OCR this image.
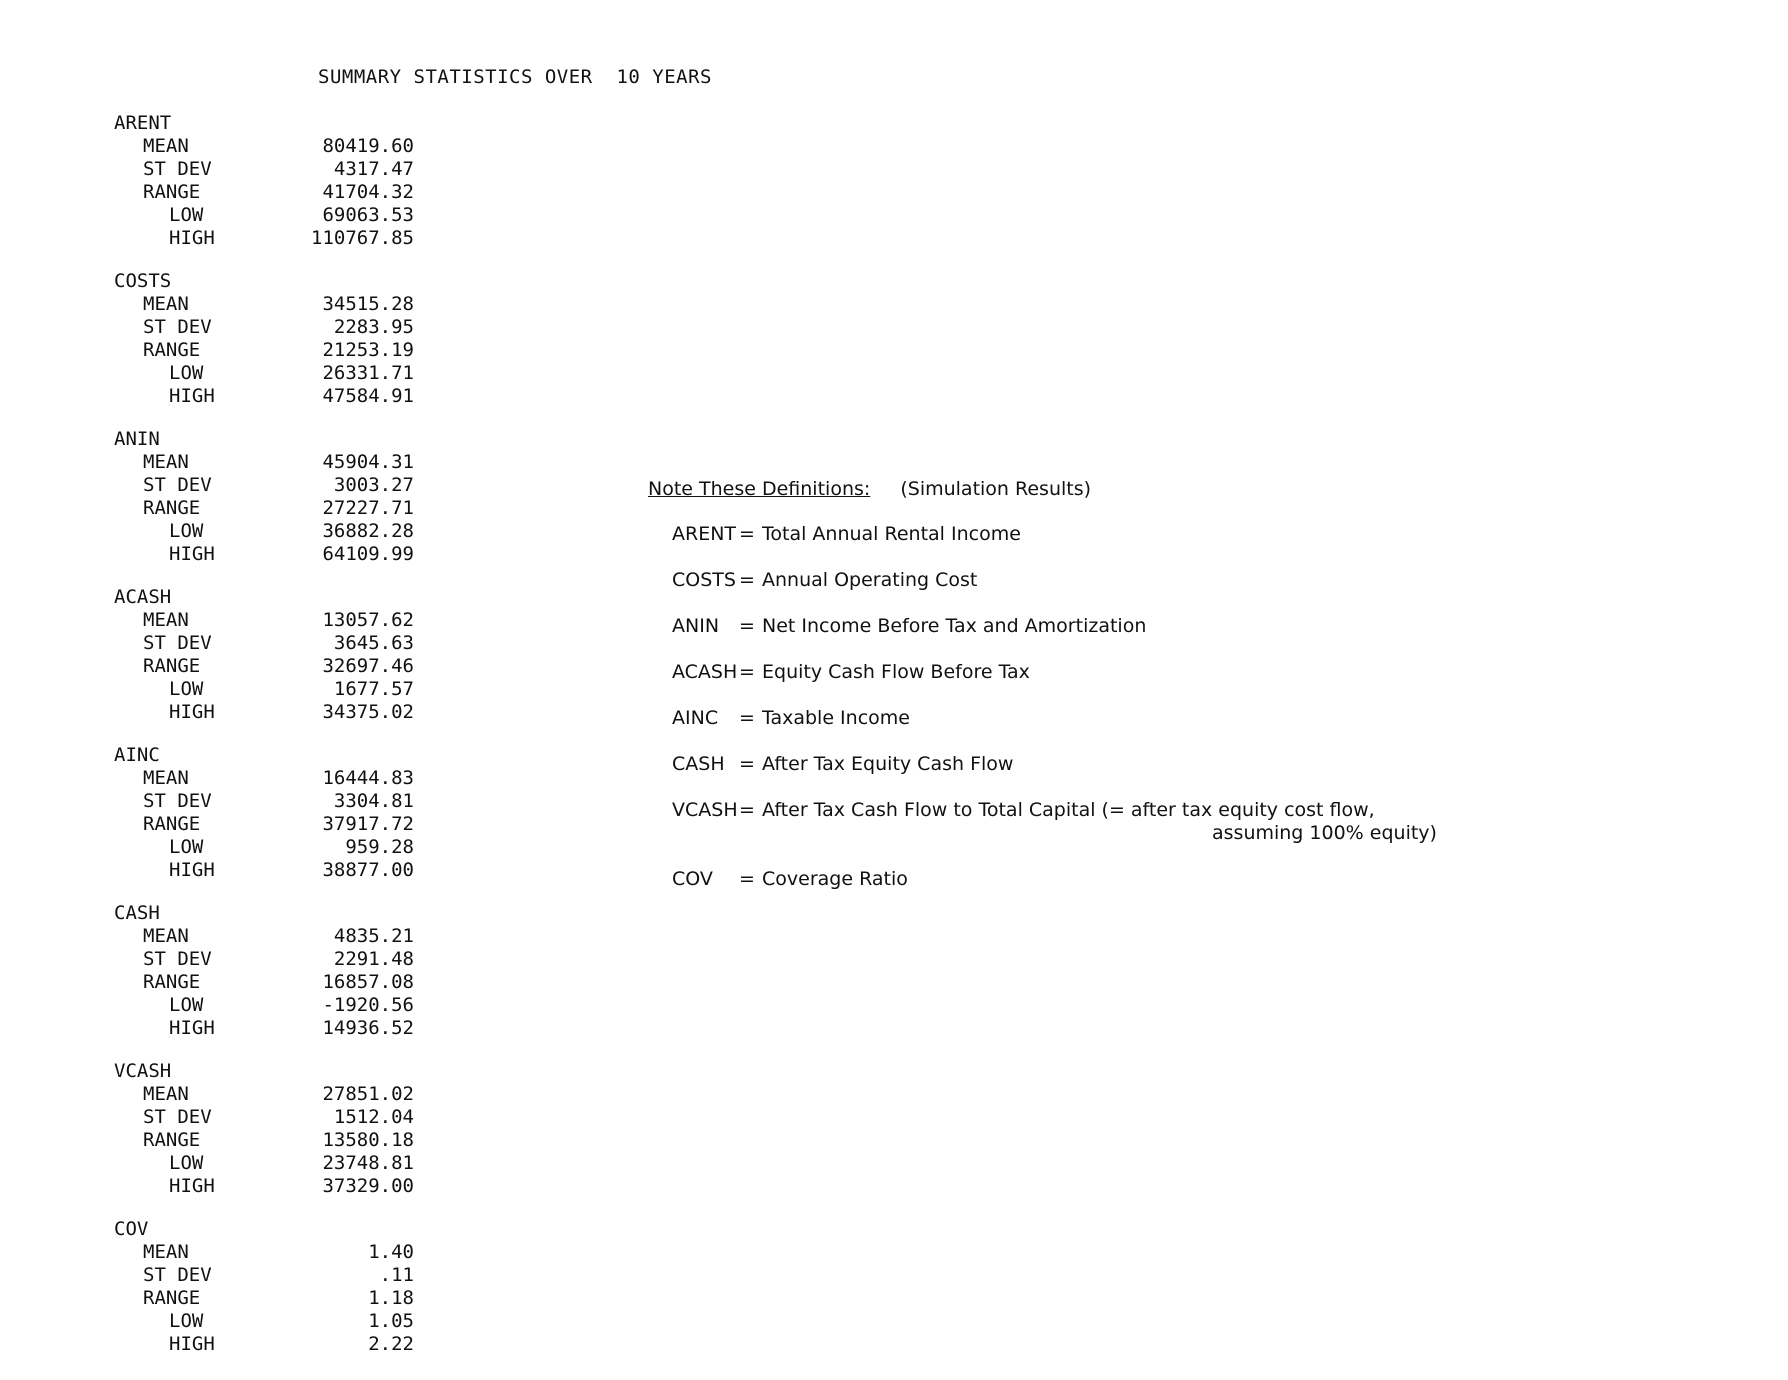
SUMMARY STATISTICS OVER  10 YEARS
ARENT
MEAN	80419.60
ST DEV	4317.47
RANGE	41704.32
LOW	69063.53
HIGH	110767.85
COSTS
MEAN	34515.28
ST DEV	2283.95
RANGE	21253.19
LOW	26331.71
HIGH	47584.91
ANIN
MEAN	45904.31
ST DEV	3003.27
RANGE	27227.71
LOW	36882.28
HIGH	64109.99
ACASH
MEAN	13057.62
ST DEV	3645.63
RANGE	32697.46
LOW	1677.57
HIGH	34375.02
AINC
MEAN	16444.83
ST DEV	3304.81
RANGE	37917.72
LOW	959.28
HIGH	38877.00
CASH
MEAN	4835.21
ST DEV	2291.48
RANGE	16857.08
LOW	-1920.56
HIGH	14936.52
VCASH
MEAN	27851.02
ST DEV	1512.04
RANGE	13580.18
LOW	23748.81
HIGH	37329.00
COV
MEAN	1.40
ST DEV	.11
RANGE	1.18
LOW	1.05
HIGH	2.22
Note These Definitions: (Simulation Results)
ARENT = Total Annual Rental Income
COSTS = Annual Operating Cost
ANIN	= Net Income Before Tax and Amortization
ACASH = Equity Cash Flow Before Tax
AINC	= Taxable Income
CASH = After Tax Equity Cash Flow
VCASH = After Tax Cash Flow to Total Capital (= after tax equity cost flow,
assuming 100% equity)
COV	= Coverage Ratio
